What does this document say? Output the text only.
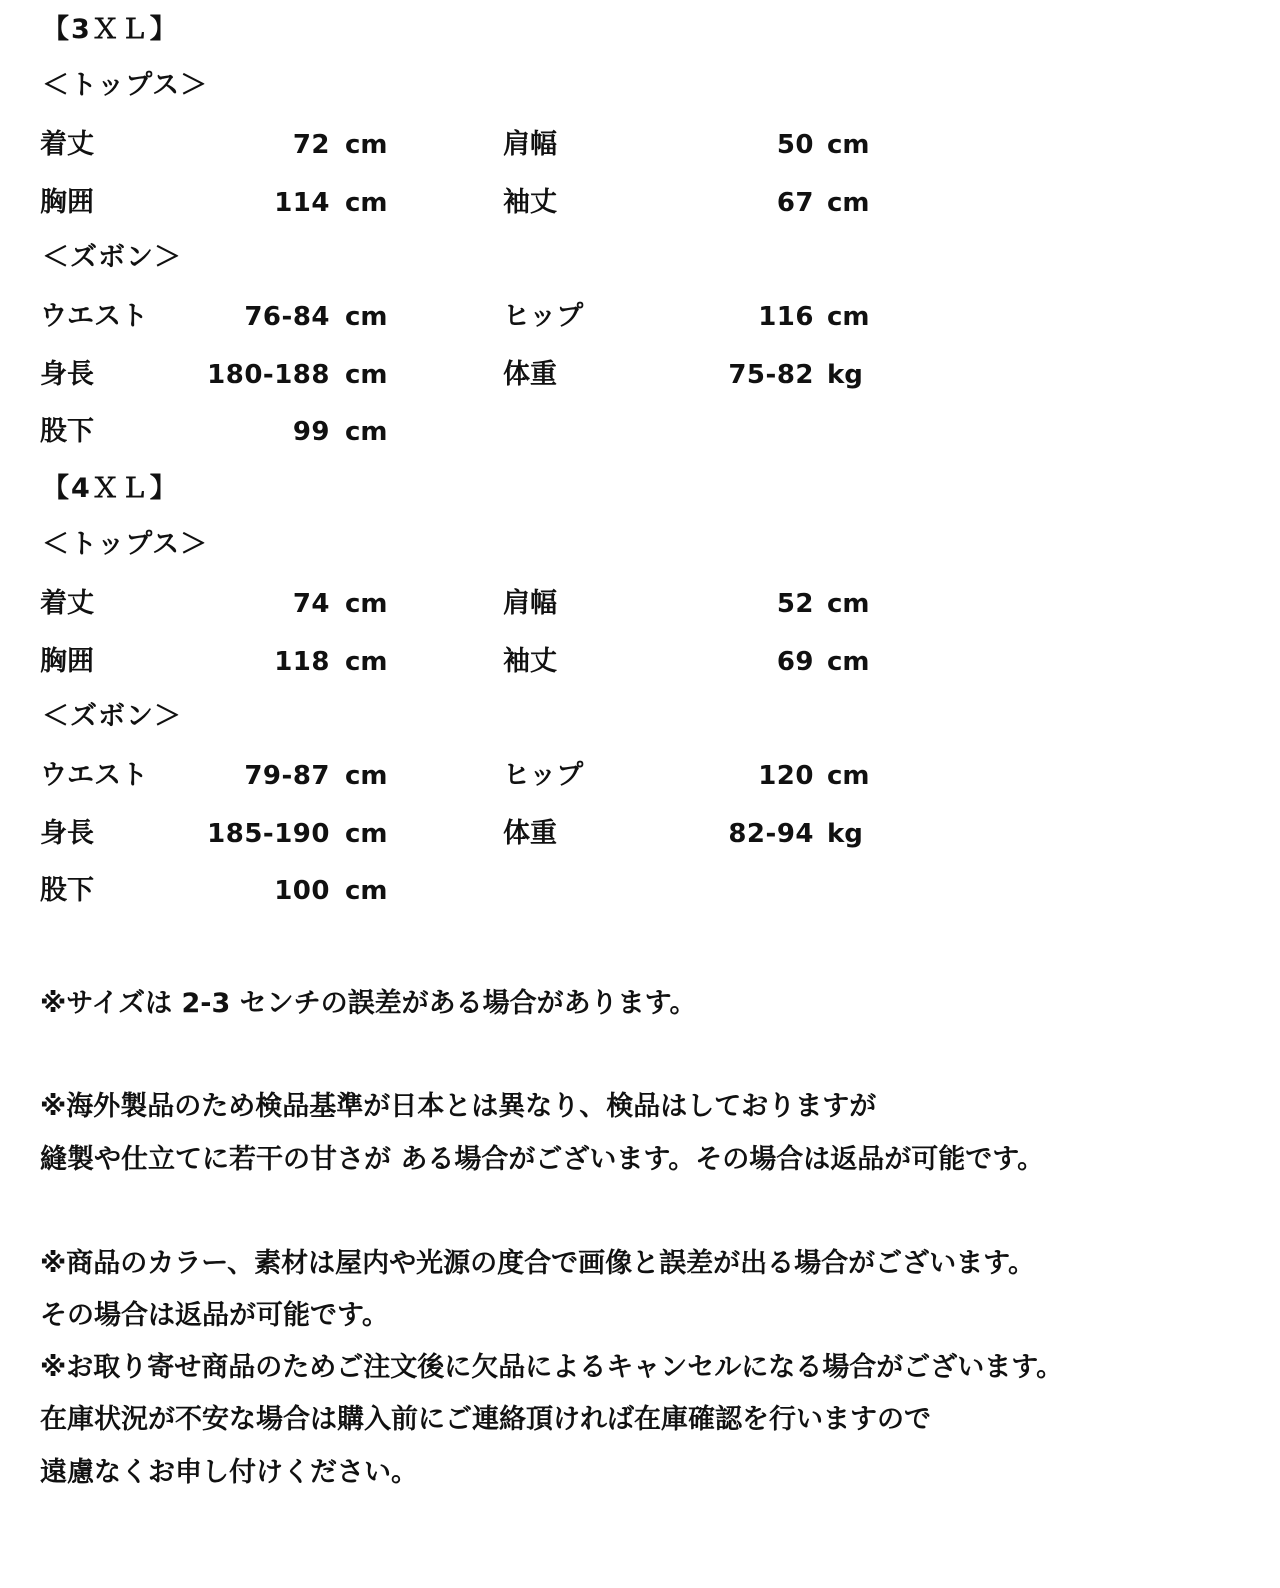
【3ＸＬ】
＜トップス＞
着丈	72 cm	肩幅	50 cm
胸囲	114 cm	袖丈	67 cm
＜ズボン＞
ウエスト	76-84 cm	ヒップ	116 cm
身長	180-188 cm	体重	75-82 kg
股下	99 cm
【4ＸＬ】
＜トップス＞
着丈	74 cm	肩幅	52 cm
胸囲	118 cm	袖丈	69 cm
＜ズボン＞
ウエスト	79-87 cm	ヒップ	120 cm
身長	185-190 cm	体重	82-94 kg
股下	100 cm
※サイズは 2-3 センチの誤差がある場合があります。
※海外製品のため検品基準が日本とは異なり、検品はしておりますが
縫製や仕立てに若干の甘さが ある場合がございます。その場合は返品が可能です。
※商品のカラー、素材は屋内や光源の度合で画像と誤差が出る場合がございます。
その場合は返品が可能です。
※お取り寄せ商品のためご注文後に欠品によるキャンセルになる場合がございます。
在庫状況が不安な場合は購入前にご連絡頂ければ在庫確認を行いますので
遠慮なくお申し付けください。
